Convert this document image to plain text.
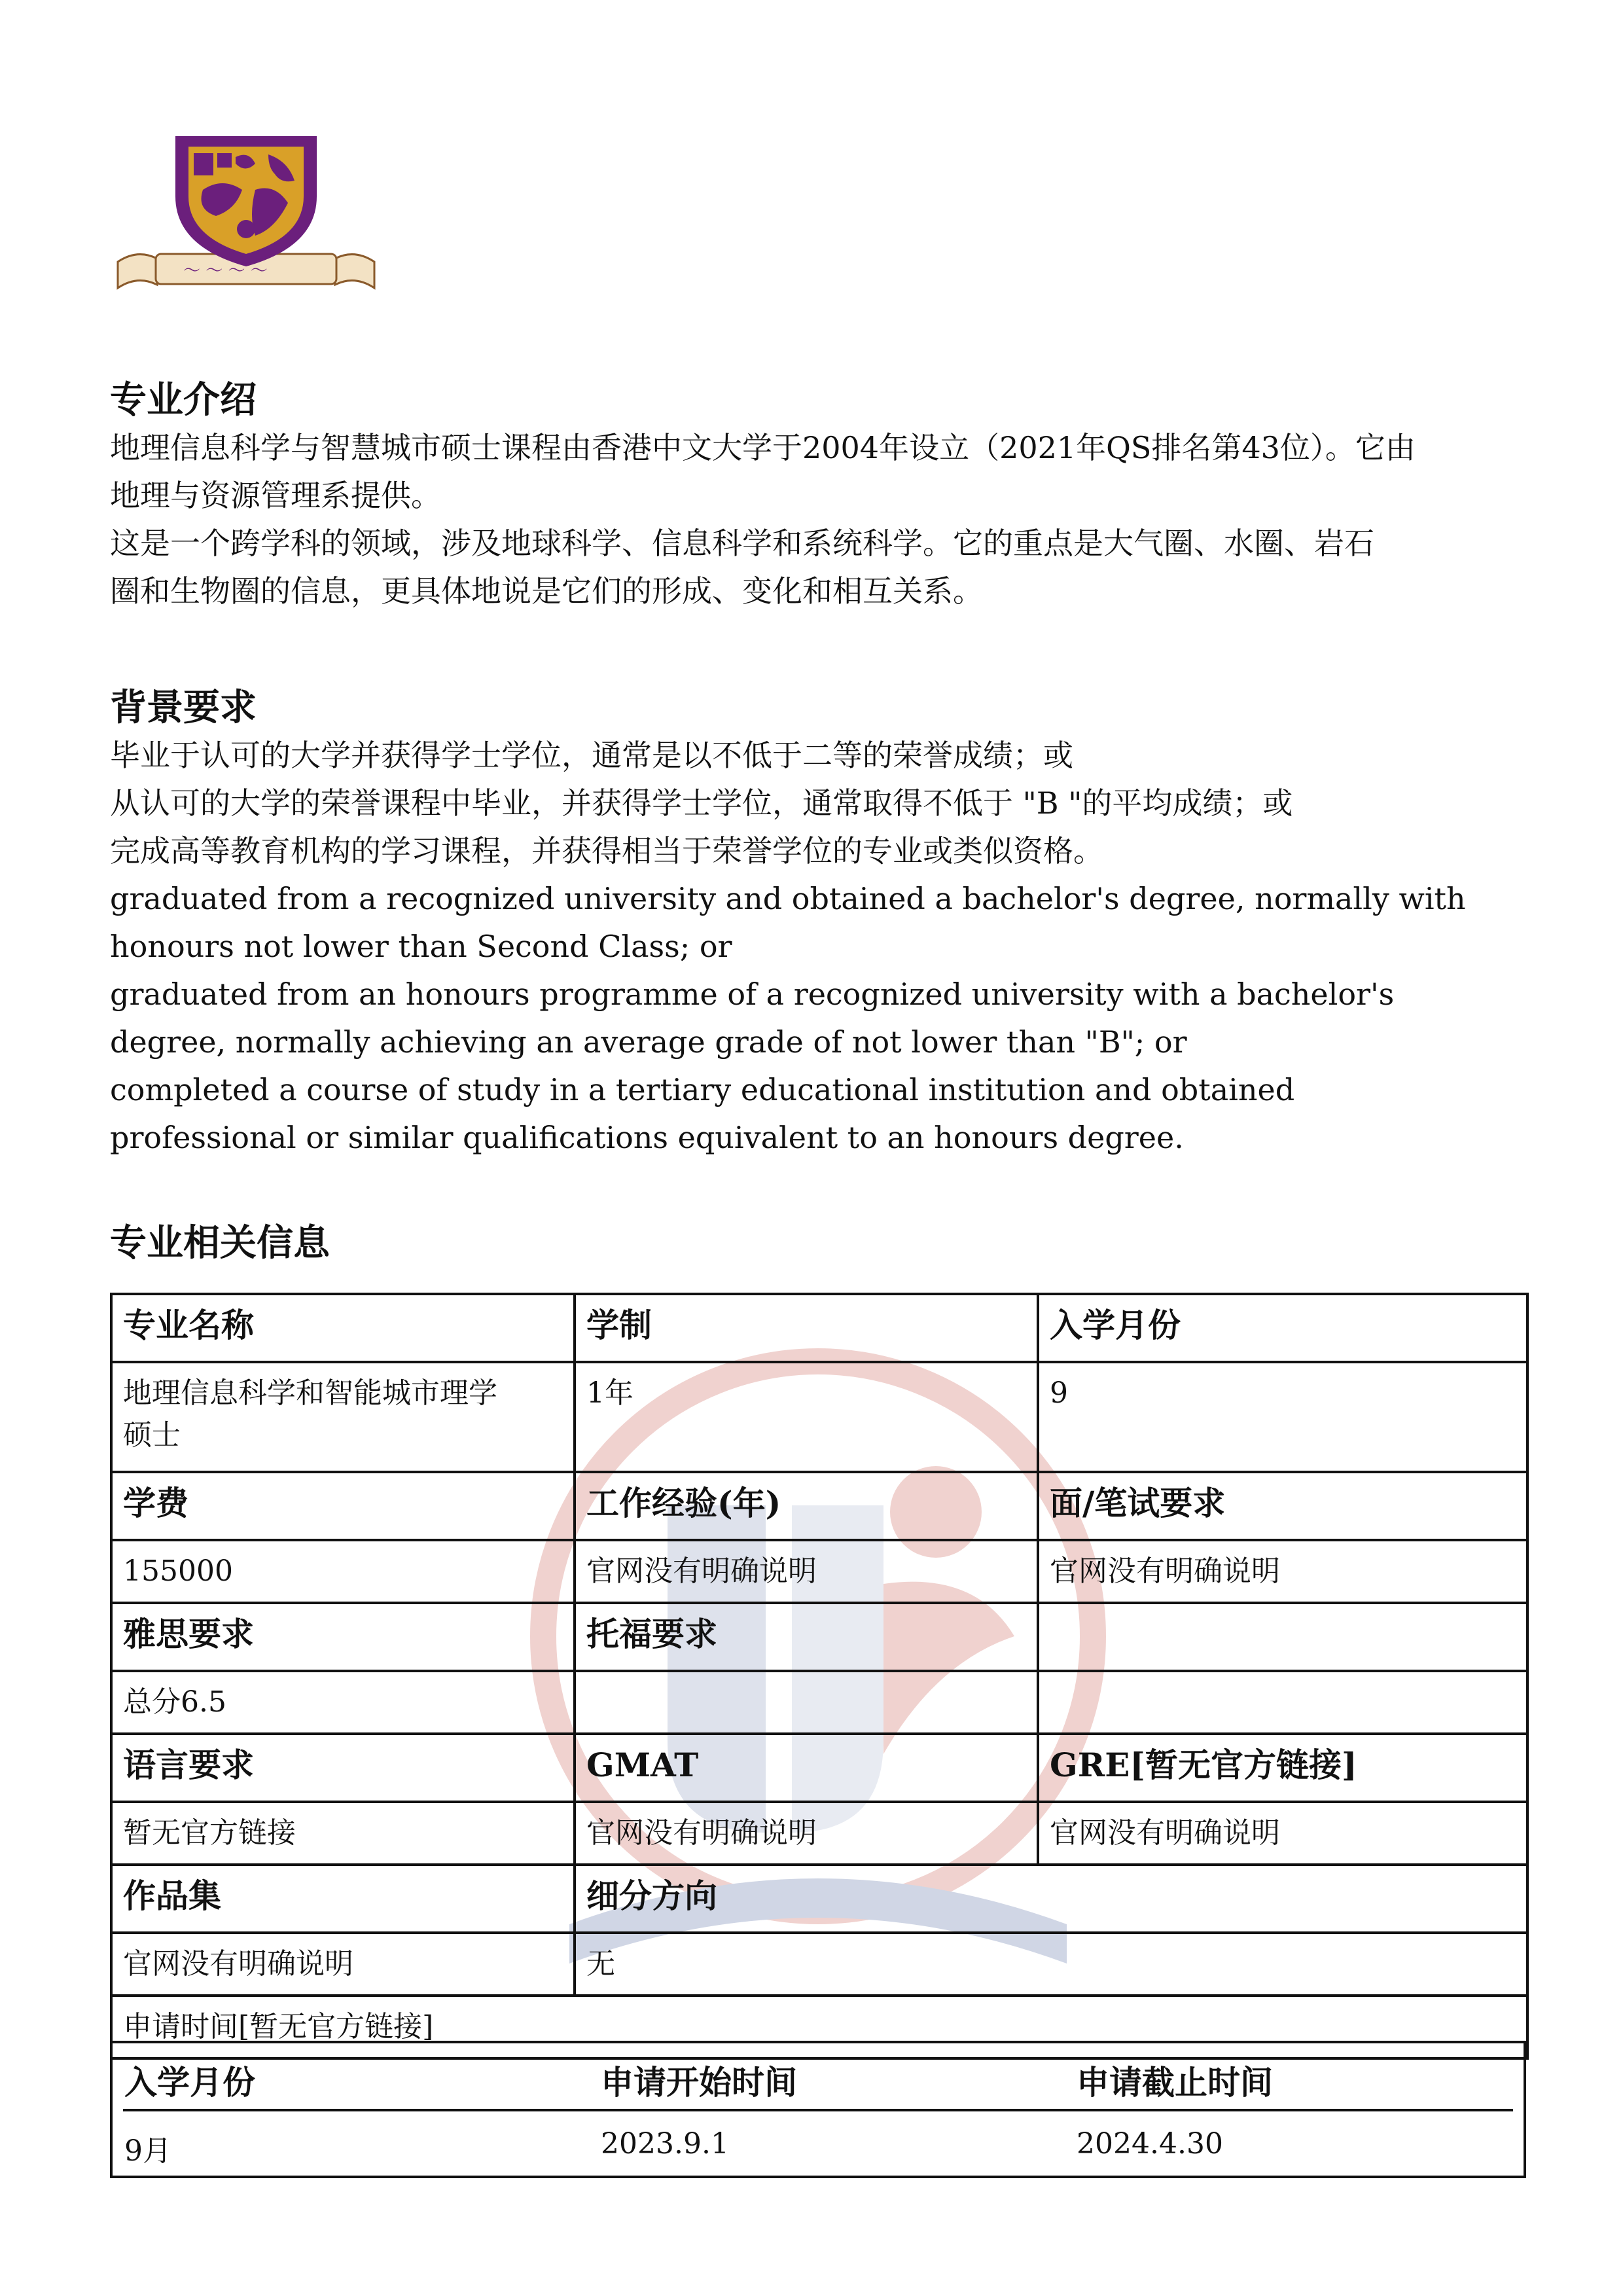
〜 〜 〜 〜
专业介绍

地理信息科学与智慧城市硕士课程由香港中文大学于2004年设立（2021年QS排名第43位）。它由
地理与资源管理系提供。
这是一个跨学科的领域，涉及地球科学、信息科学和系统科学。它的重点是大气圈、水圈、岩石
圈和生物圈的信息，更具体地说是它们的形成、变化和相互关系。

背景要求

毕业于认可的大学并获得学士学位，通常是以不低于二等的荣誉成绩；或
从认可的大学的荣誉课程中毕业，并获得学士学位，通常取得不低于 "B "的平均成绩；或
完成高等教育机构的学习课程，并获得相当于荣誉学位的专业或类似资格。
graduated from a recognized university and obtained a bachelor's degree, normally with
honours not lower than Second Class; or
graduated from an honours programme of a recognized university with a bachelor's
degree, normally achieving an average grade of not lower than "B"; or
completed a course of study in a tertiary educational institution and obtained
professional or similar qualifications equivalent to an honours degree.

专业相关信息
专业名称	学制	入学月份

地理信息科学和智能城市理学
硕士	1年	9
学费	工作经验(年)	面/笔试要求
155000	官网没有明确说明	官网没有明确说明
雅思要求	托福要求	
总分6.5		
语言要求	GMAT	GRE[暂无官方链接]
暂无官方链接	官网没有明确说明	官网没有明确说明
作品集	细分方向	
官网没有明确说明	无	
申请时间[暂无官方链接]		
入学月份	申请开始时间	申请截止时间
9月	2023.9.1	2024.4.30
